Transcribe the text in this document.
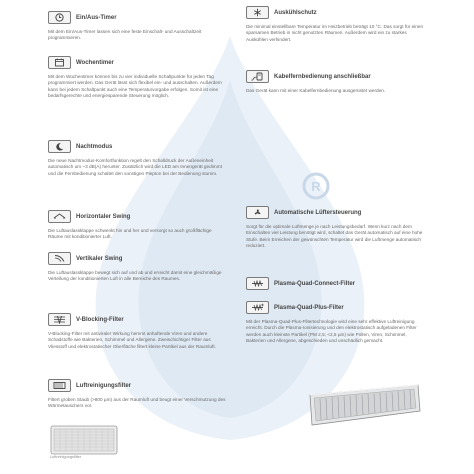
R
Ein/Aus-Timer

Mit dem Ein/Aus-Timer lassen sich eine feste Einschalt- und Ausschaltzeit programmieren.

Wochentimer

Mit dem Wochentimer können bis zu vier individuelle Schaltpunkte für jeden Tag programmiert werden. Das Gerät lässt sich flexibel ein- und ausschalten. Außerdem kann bei jedem Schaltpunkt auch eine Temperaturvorgabe erfolgen. Somit ist eine bedarfsgerechte und energiesparende Steuerung möglich.

Nachtmodus

Die neue Nachtmodus-Komfortfunktion regelt den Schalldruck der Außeneinheit automatisch um ~3 dB(A) herunter. Zusätzlich wird die LED am Innengerät gedimmt und die Fernbedienung schaltet den sonstigen Piepton bei der Bedienung stumm.

Horizontaler Swing

Die Luftauslassklappe schwenkt hin und her und versorgt so auch großflächige Räume mit konditionierter Luft.

Vertikaler Swing

Die Luftauslassklappe bewegt sich auf und ab und erreicht damit eine gleichmäßige Verteilung der konditionierten Luft in alle Bereiche des Raumes.

V-Blocking-Filter

V-Blocking-Filter mit antiviraler Wirkung hemmt anhaftende Viren und andere Schadstoffe wie Bakterien, Schimmel und Allergene. Zweischichtiger Filter aus Vliesstoff und elektrostatischer Oberfläche filtert kleine Partikel aus der Raumluft.

Luftreinigungsfilter

Filtert groben Staub (>800 µm) aus der Raumluft und beugt einer Verschmutzung des Wärmetauschers vor.

Luftreinigungsfilter
Auskühlschutz

Die minimal einstellbare Temperatur im Heizbetrieb beträgt 10 °C. Das sorgt für einen sparsamen Betrieb in nicht genutzten Räumen. Außerdem wird ein zu starkes Auskühlen verhindert.

Kabelfernbedienung anschließbar

Das Gerät kann mit einer Kabelfernbedienung ausgerüstet werden.

Automatische Lüftersteuerung

Sorgt für die optimale Luftmenge je nach Leistungsbedarf. Wenn kurz nach dem Einschalten viel Leistung benötigt wird, schaltet das Gerät automatisch auf eine hohe Stufe. Beim Erreichen der gewünschten Temperatur wird die Luftmenge automatisch reduziert.

Plasma-Quad-Connect-Filter
Plasma-Quad-Plus-Filter

Mit der Plasma-Quad-Plus-Filtertechnologie wird eine sehr effektive Luftreinigung erreicht. Durch die Plasma-Ionisierung und den elektrostatisch aufgeladenen Filter werden auch kleinste Partikel (PM 2,5; <2,5 µm) wie Pollen, Viren, Schimmel, Bakterien und Allergene, abgeschieden und unschädlich gemacht.
